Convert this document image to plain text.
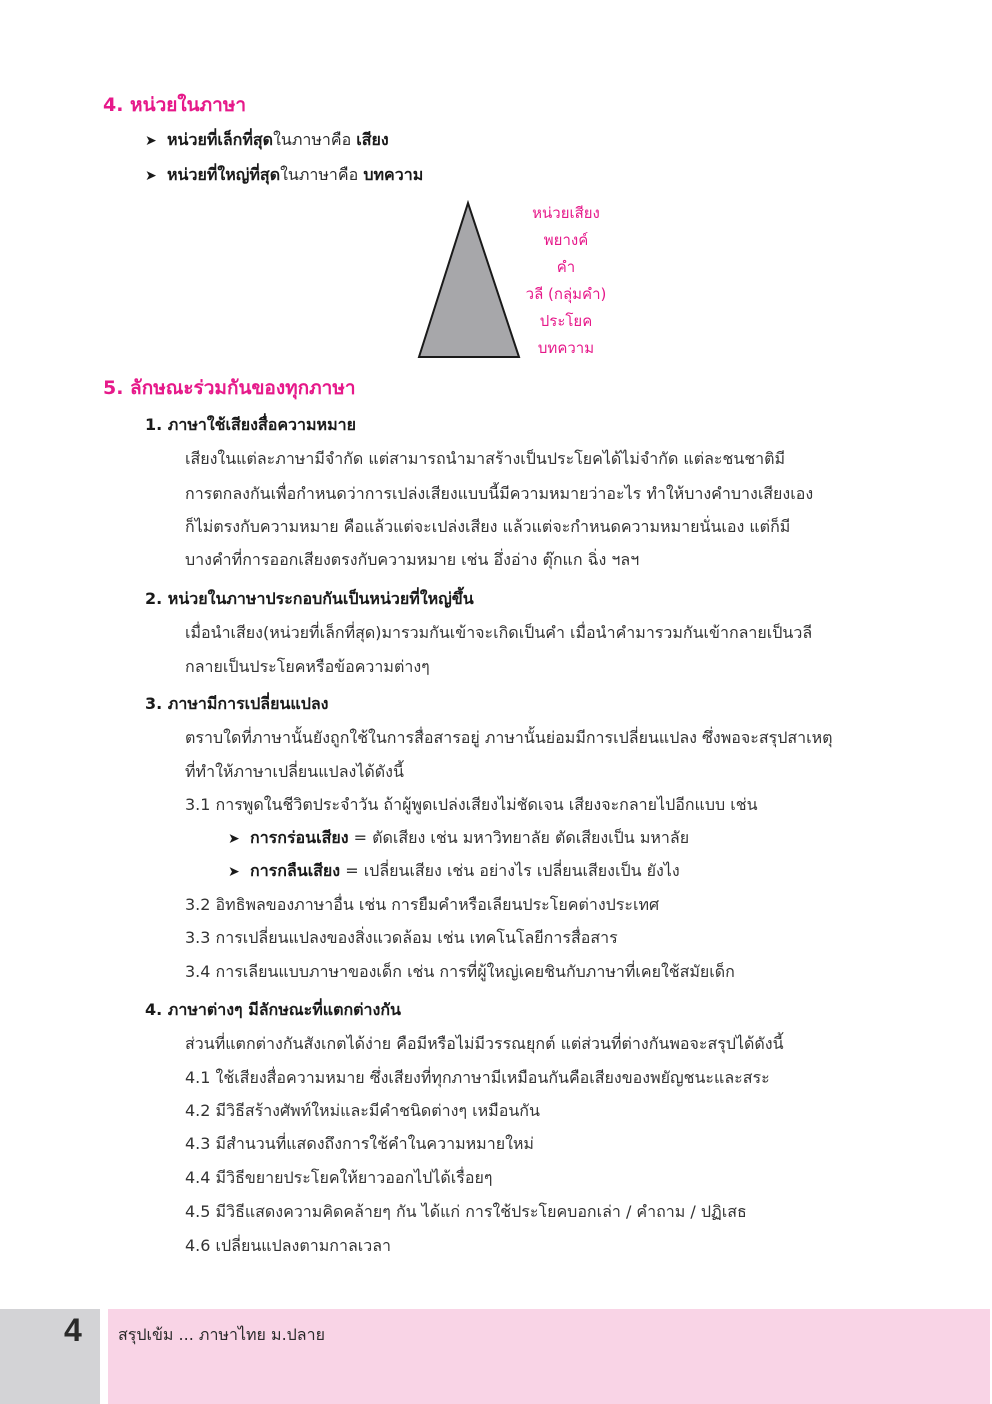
4. หน่วยในภาษา
➤ หน่วยที่เล็กที่สุดในภาษาคือ เสียง
➤ หน่วยที่ใหญ่ที่สุดในภาษาคือ บทความ
หน่วยเสียง
พยางค์
คำ
วลี (กลุ่มคำ)
ประโยค
บทความ
5. ลักษณะร่วมกันของทุกภาษา
1. ภาษาใช้เสียงสื่อความหมาย
เสียงในแต่ละภาษามีจำกัด แต่สามารถนำมาสร้างเป็นประโยคได้ไม่จำกัด แต่ละชนชาติมี
การตกลงกันเพื่อกำหนดว่าการเปล่งเสียงแบบนี้มีความหมายว่าอะไร ทำให้บางคำบางเสียงเอง
ก็ไม่ตรงกับความหมาย คือแล้วแต่จะเปล่งเสียง แล้วแต่จะกำหนดความหมายนั่นเอง แต่ก็มี
บางคำที่การออกเสียงตรงกับความหมาย เช่น อึ่งอ่าง ตุ๊กแก ฉิ่ง ฯลฯ
2. หน่วยในภาษาประกอบกันเป็นหน่วยที่ใหญ่ขึ้น
เมื่อนำเสียง(หน่วยที่เล็กที่สุด)มารวมกันเข้าจะเกิดเป็นคำ เมื่อนำคำมารวมกันเข้ากลายเป็นวลี
กลายเป็นประโยคหรือข้อความต่างๆ
3. ภาษามีการเปลี่ยนแปลง
ตราบใดที่ภาษานั้นยังถูกใช้ในการสื่อสารอยู่ ภาษานั้นย่อมมีการเปลี่ยนแปลง ซึ่งพอจะสรุปสาเหตุ
ที่ทำให้ภาษาเปลี่ยนแปลงได้ดังนี้
3.1 การพูดในชีวิตประจำวัน ถ้าผู้พูดเปล่งเสียงไม่ชัดเจน เสียงจะกลายไปอีกแบบ เช่น
➤ การกร่อนเสียง = ตัดเสียง เช่น มหาวิทยาลัย ตัดเสียงเป็น มหาลัย
➤ การกลืนเสียง = เปลี่ยนเสียง เช่น อย่างไร เปลี่ยนเสียงเป็น ยังไง
3.2 อิทธิพลของภาษาอื่น เช่น การยืมคำหรือเลียนประโยคต่างประเทศ
3.3 การเปลี่ยนแปลงของสิ่งแวดล้อม เช่น เทคโนโลยีการสื่อสาร
3.4 การเลียนแบบภาษาของเด็ก เช่น การที่ผู้ใหญ่เคยชินกับภาษาที่เคยใช้สมัยเด็ก
4. ภาษาต่างๆ มีลักษณะที่แตกต่างกัน
ส่วนที่แตกต่างกันสังเกตได้ง่าย คือมีหรือไม่มีวรรณยุกต์ แต่ส่วนที่ต่างกันพอจะสรุปได้ดังนี้
4.1 ใช้เสียงสื่อความหมาย ซึ่งเสียงที่ทุกภาษามีเหมือนกันคือเสียงของพยัญชนะและสระ
4.2 มีวิธีสร้างศัพท์ใหม่และมีคำชนิดต่างๆ เหมือนกัน
4.3 มีสำนวนที่แสดงถึงการใช้คำในความหมายใหม่
4.4 มีวิธีขยายประโยคให้ยาวออกไปได้เรื่อยๆ
4.5 มีวิธีแสดงความคิดคล้ายๆ กัน ได้แก่ การใช้ประโยคบอกเล่า / คำถาม / ปฏิเสธ
4.6 เปลี่ยนแปลงตามกาลเวลา
4 สรุปเข้ม ... ภาษาไทย ม.ปลาย
